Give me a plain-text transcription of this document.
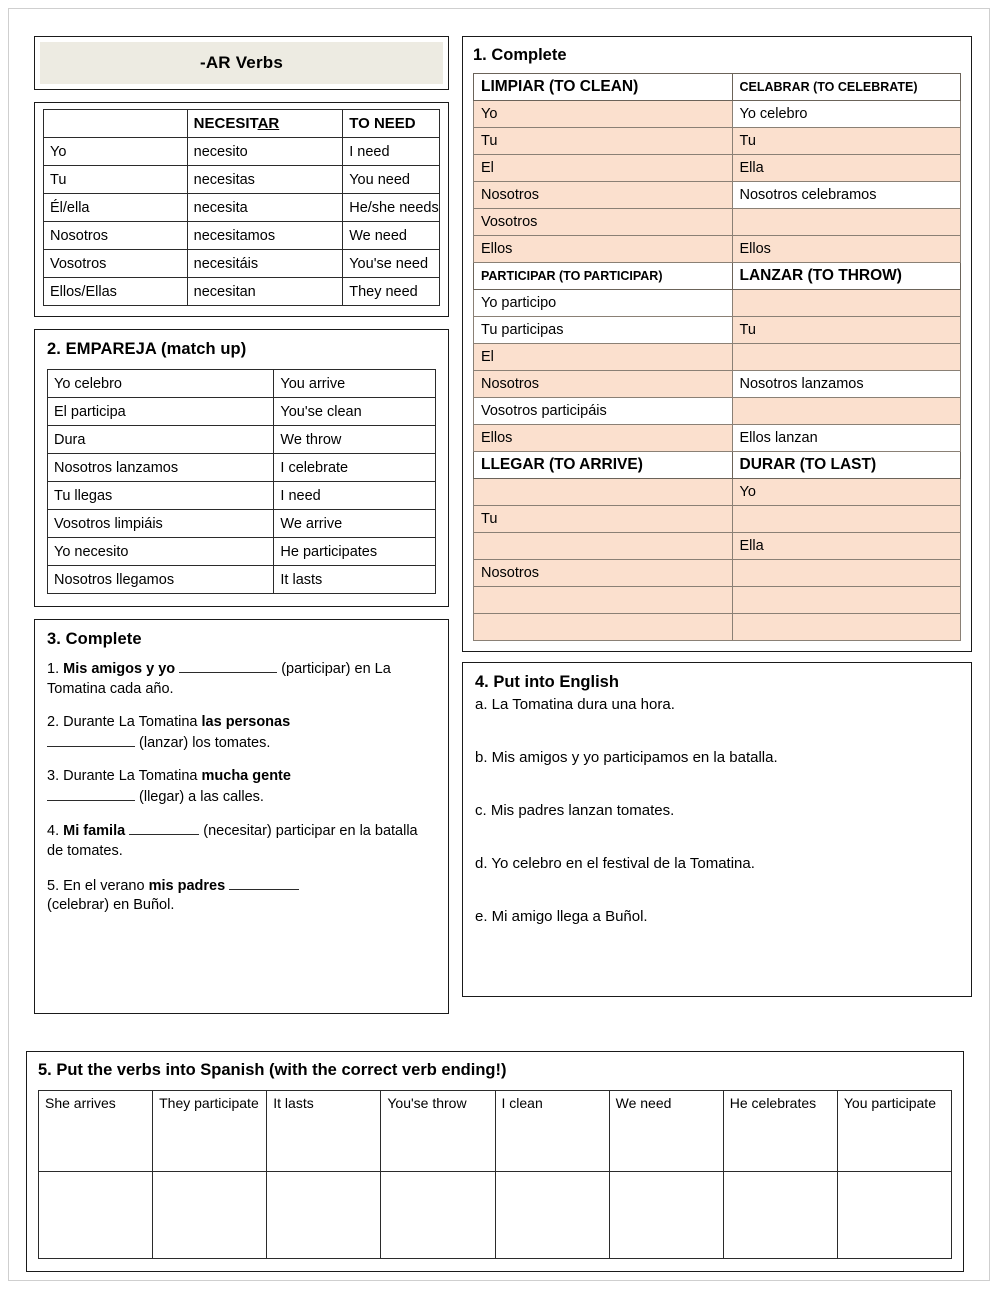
-AR Verbs
	NECESITAR	TO NEED
Yo	necesito	I need
Tu	necesitas	You need
Él/ella	necesita	He/she needs
Nosotros	necesitamos	We need
Vosotros	necesitáis	You'se need
Ellos/Ellas	necesitan	They need
2. EMPAREJA (match up)
Yo celebro	You arrive
El participa	You'se clean
Dura	We throw
Nosotros lanzamos	I celebrate
Tu llegas	I need
Vosotros limpiáis	We arrive
Yo necesito	He participates
Nosotros llegamos	It lasts
3. Complete
1. Mis amigos y yo	(participar) en La Tomatina cada año.
2. Durante La Tomatina las personas
(lanzar) los tomates.
3. Durante La Tomatina mucha gente
(llegar) a las calles.
4. Mi famila	(necesitar) participar en la batalla de tomates.
5. En el verano mis padres
(celebrar) en Buñol.
1. Complete
LIMPIAR (TO CLEAN)	CELABRAR (TO CELEBRATE)
Yo	Yo celebro
Tu	Tu
El	Ella
Nosotros	Nosotros celebramos
Vosotros	
Ellos	Ellos
PARTICIPAR (TO PARTICIPAR)	LANZAR (TO THROW)
Yo participo	
Tu participas	Tu
El	
Nosotros	Nosotros lanzamos
Vosotros participáis	
Ellos	Ellos lanzan
LLEGAR (TO ARRIVE)	DURAR (TO LAST)
	Yo
Tu	
	Ella
Nosotros	

4. Put into English
a. La Tomatina dura una hora.
b. Mis amigos y yo participamos en la batalla.
c. Mis padres lanzan tomates.
d. Yo celebro en el festival de la Tomatina.
e. Mi amigo llega a Buñol.
5. Put the verbs into Spanish (with the correct verb ending!)
She arrives	They participate	It lasts	You'se throw	I clean	We need	He celebrates	You participate
